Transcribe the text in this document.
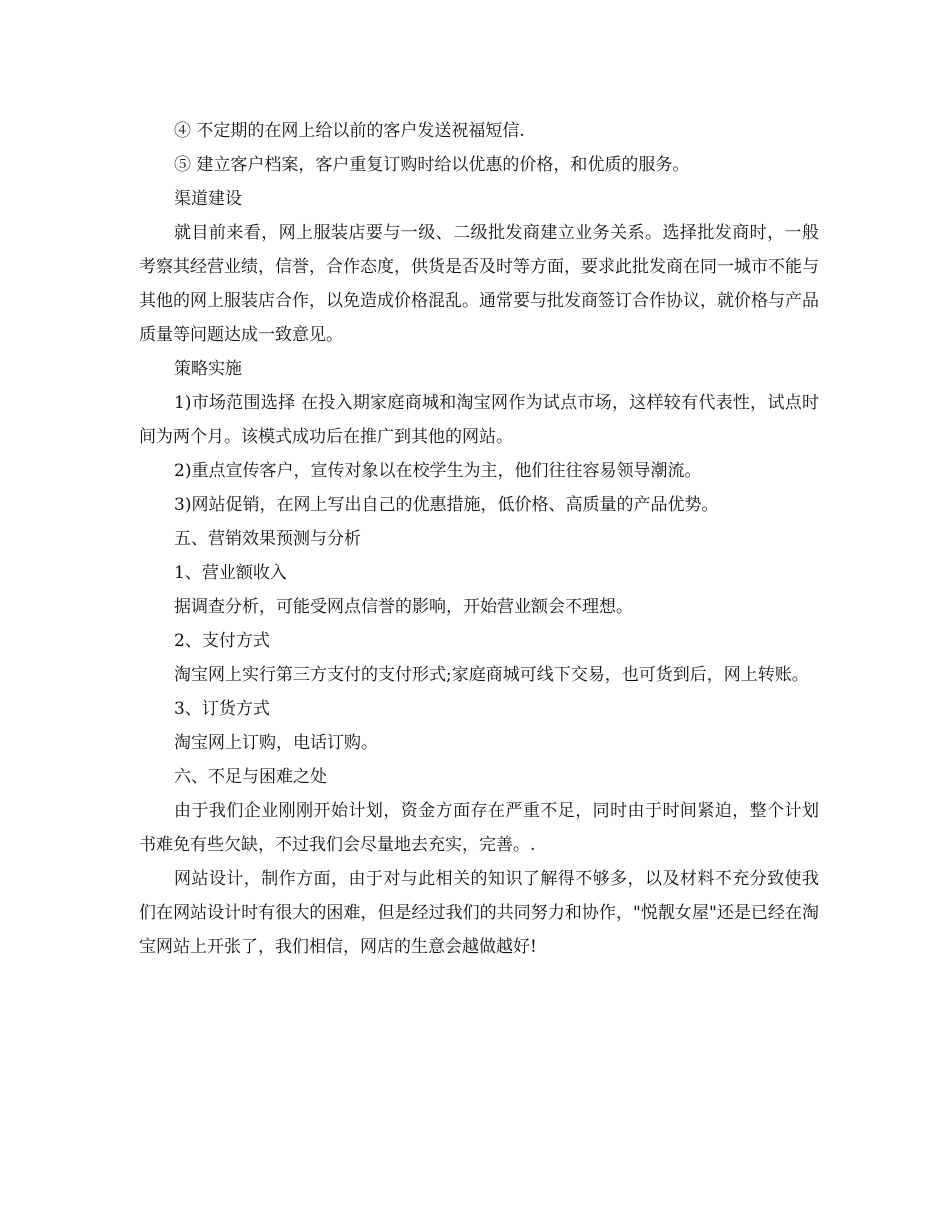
④ 不定期的在网上给以前的客户发送祝福短信.

⑤ 建立客户档案，客户重复订购时给以优惠的价格，和优质的服务。

渠道建设

就目前来看，网上服装店要与一级、二级批发商建立业务关系。选择批发商时，一般考察其经营业绩，信誉，合作态度，供货是否及时等方面，要求此批发商在同一城市不能与其他的网上服装店合作，以免造成价格混乱。通常要与批发商签订合作协议，就价格与产品质量等问题达成一致意见。

策略实施

1)市场范围选择 在投入期家庭商城和淘宝网作为试点市场，这样较有代表性，试点时间为两个月。该模式成功后在推广到其他的网站。

2)重点宣传客户，宣传对象以在校学生为主，他们往往容易领导潮流。

3)网站促销，在网上写出自己的优惠措施，低价格、高质量的产品优势。

五、营销效果预测与分析

1、营业额收入

据调查分析，可能受网点信誉的影响，开始营业额会不理想。

2、支付方式

淘宝网上实行第三方支付的支付形式;家庭商城可线下交易，也可货到后，网上转账。

3、订货方式

淘宝网上订购，电话订购。

六、不足与困难之处

由于我们企业刚刚开始计划，资金方面存在严重不足，同时由于时间紧迫，整个计划书难免有些欠缺，不过我们会尽量地去充实，完善。.

网站设计，制作方面，由于对与此相关的知识了解得不够多，以及材料不充分致使我们在网站设计时有很大的困难，但是经过我们的共同努力和协作，"悦靓女屋"还是已经在淘宝网站上开张了，我们相信，网店的生意会越做越好!
